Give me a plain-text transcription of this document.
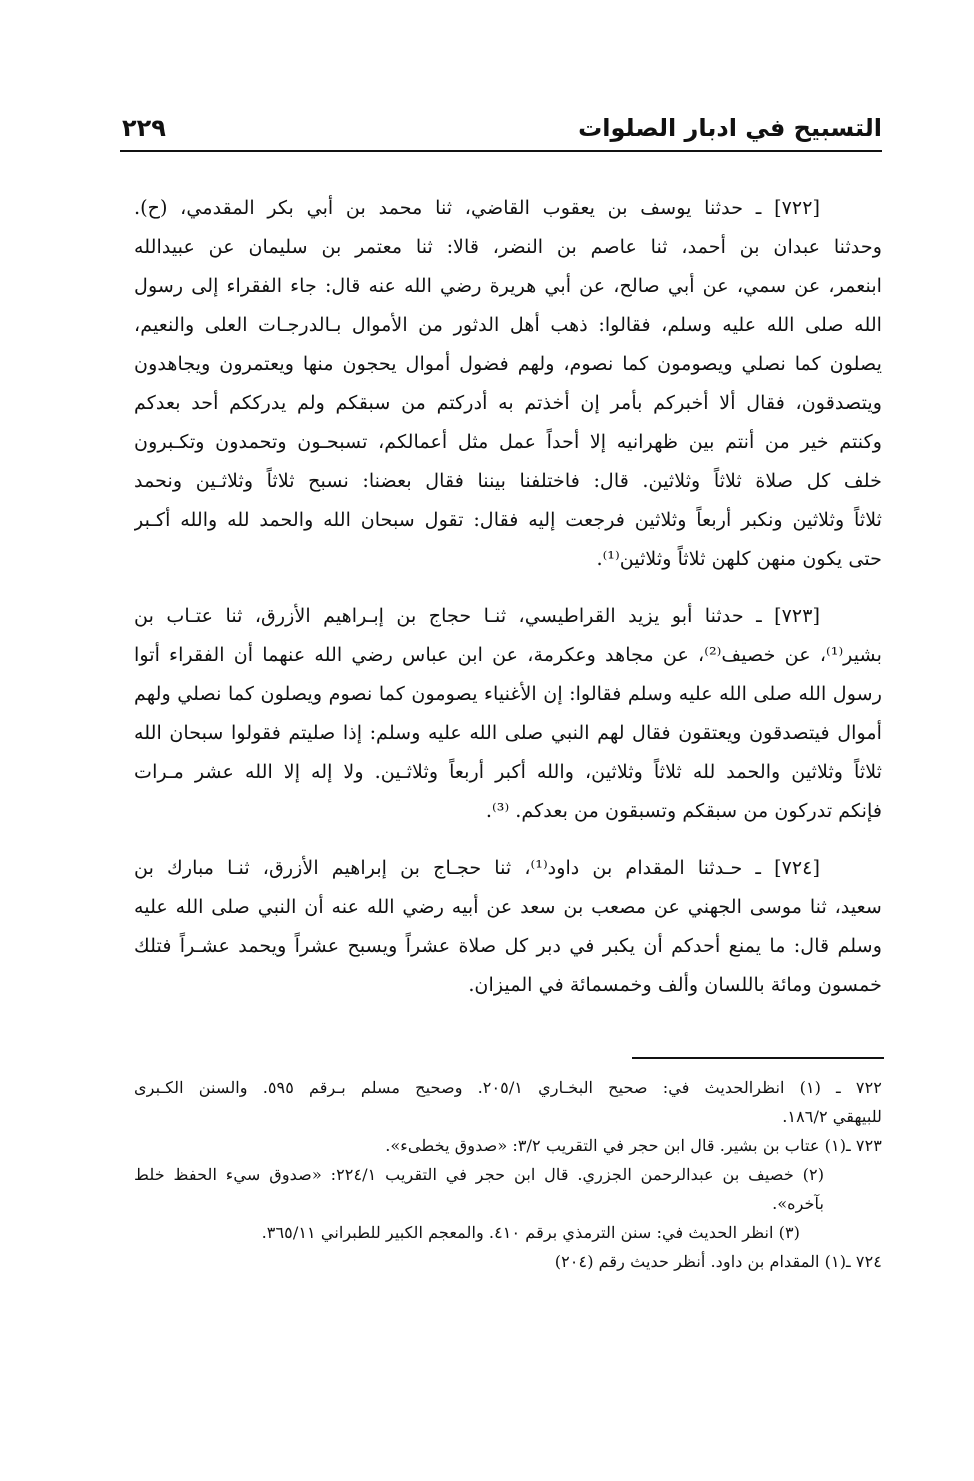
التسبيح في ادبار الصلوات
٢٢٩
[٧٢٢] ـ حدثنا يوسف بن يعقوب القاضي، ثنا محمد بن أبي بكر المقدمي، (ح).
وحدثنا عبدان بن أحمد، ثنا عاصم بن النضر، قالا: ثنا معتمر بن سليمان عن عبيدالله
ابنعمر، عن سمي، عن أبي صالح، عن أبي هريرة رضي الله عنه قال: جاء الفقراء إلى رسول
الله صلى الله عليه وسلم، فقالوا: ذهب أهل الدثور من الأموال بـالدرجـات العلى والنعيم،
يصلون كما نصلي ويصومون كما نصوم، ولهم فضول أموال يحجون منها ويعتمرون ويجاهدون
ويتصدقون، فقال ألا أخبركم بأمر إن أخذتم به أدركتم من سبقكم ولم يدرككم أحد بعدكم
وكنتم خير من أنتم بين ظهرانيه إلا أحداً عمل مثل أعمالكم، تسبحـون وتحمدون وتكـبرون
خلف كل صلاة ثلاثاً وثلاثين. قال: فاختلفنا بيننا فقال بعضنا: نسبح ثلاثاً وثلاثـين ونحمد
ثلاثاً وثلاثين ونكبر أربعاً وثلاثين فرجعت إليه فقال: تقول سبحان الله والحمد لله والله أكـبر
حتى يكون منهن كلهن ثلاثاً وثلاثين⁽¹⁾.
[٧٢٣] ـ حدثنا أبو يزيد القراطيسي، ثنـا حجاج بن إبـراهيم الأزرق، ثنا عتـاب بن
بشير⁽¹⁾، عن خصيف⁽²⁾، عن مجاهد وعكرمة، عن ابن عباس رضي الله عنهما أن الفقراء أتوا
رسول الله صلى الله عليه وسلم فقالوا: إن الأغنياء يصومون كما نصوم ويصلون كما نصلي ولهم
أموال فيتصدقون ويعتقون فقال لهم النبي صلى الله عليه وسلم: إذا صليتم فقولوا سبحان الله
ثلاثاً وثلاثين والحمد لله ثلاثاً وثلاثين، والله أكبر أربعاً وثلاثـين. ولا إله إلا الله عشر مـرات
فإنكم تدركون من سبقكم وتسبقون من بعدكم. ⁽³⁾.
[٧٢٤] ـ حـدثنا المقدام بن داود⁽¹⁾، ثنا حجـاج بن إبراهيم الأزرق، ثنـا مبارك بن
سعيد، ثنا موسى الجهني عن مصعب بن سعد عن أبيه رضي الله عنه أن النبي صلى الله عليه
وسلم قال: ما يمنع أحدكم أن يكبر في دبر كل صلاة عشراً ويسبح عشراً ويحمد عشـراً فتلك
خمسون ومائة باللسان وألف وخمسمائة في الميزان.
٧٢٢ ـ (١) انظرالحديث في: صحيح البخـاري ٢٠٥/١. وصحيح مسلم بـرقم ٥٩٥. والسنن الكـبرى
للبيهقي ١٨٦/٢.
٧٢٣ ـ(١) عتاب بن بشير. قال ابن حجر في التقريب ٣/٢: «صدوق يخطىء».
(٢) خصيف بن عبدالرحمن الجزري. قال ابن حجر في التقريب ٢٢٤/١: «صدوق سيء الحفظ خلط
بآخره».
(٣) انظر الحديث في: سنن الترمذي برقم ٤١٠. والمعجم الكبير للطبراني ٣٦٥/١١.
٧٢٤ ـ(١) المقدام بن داود. أنظر حديث رقم (٢٠٤)
